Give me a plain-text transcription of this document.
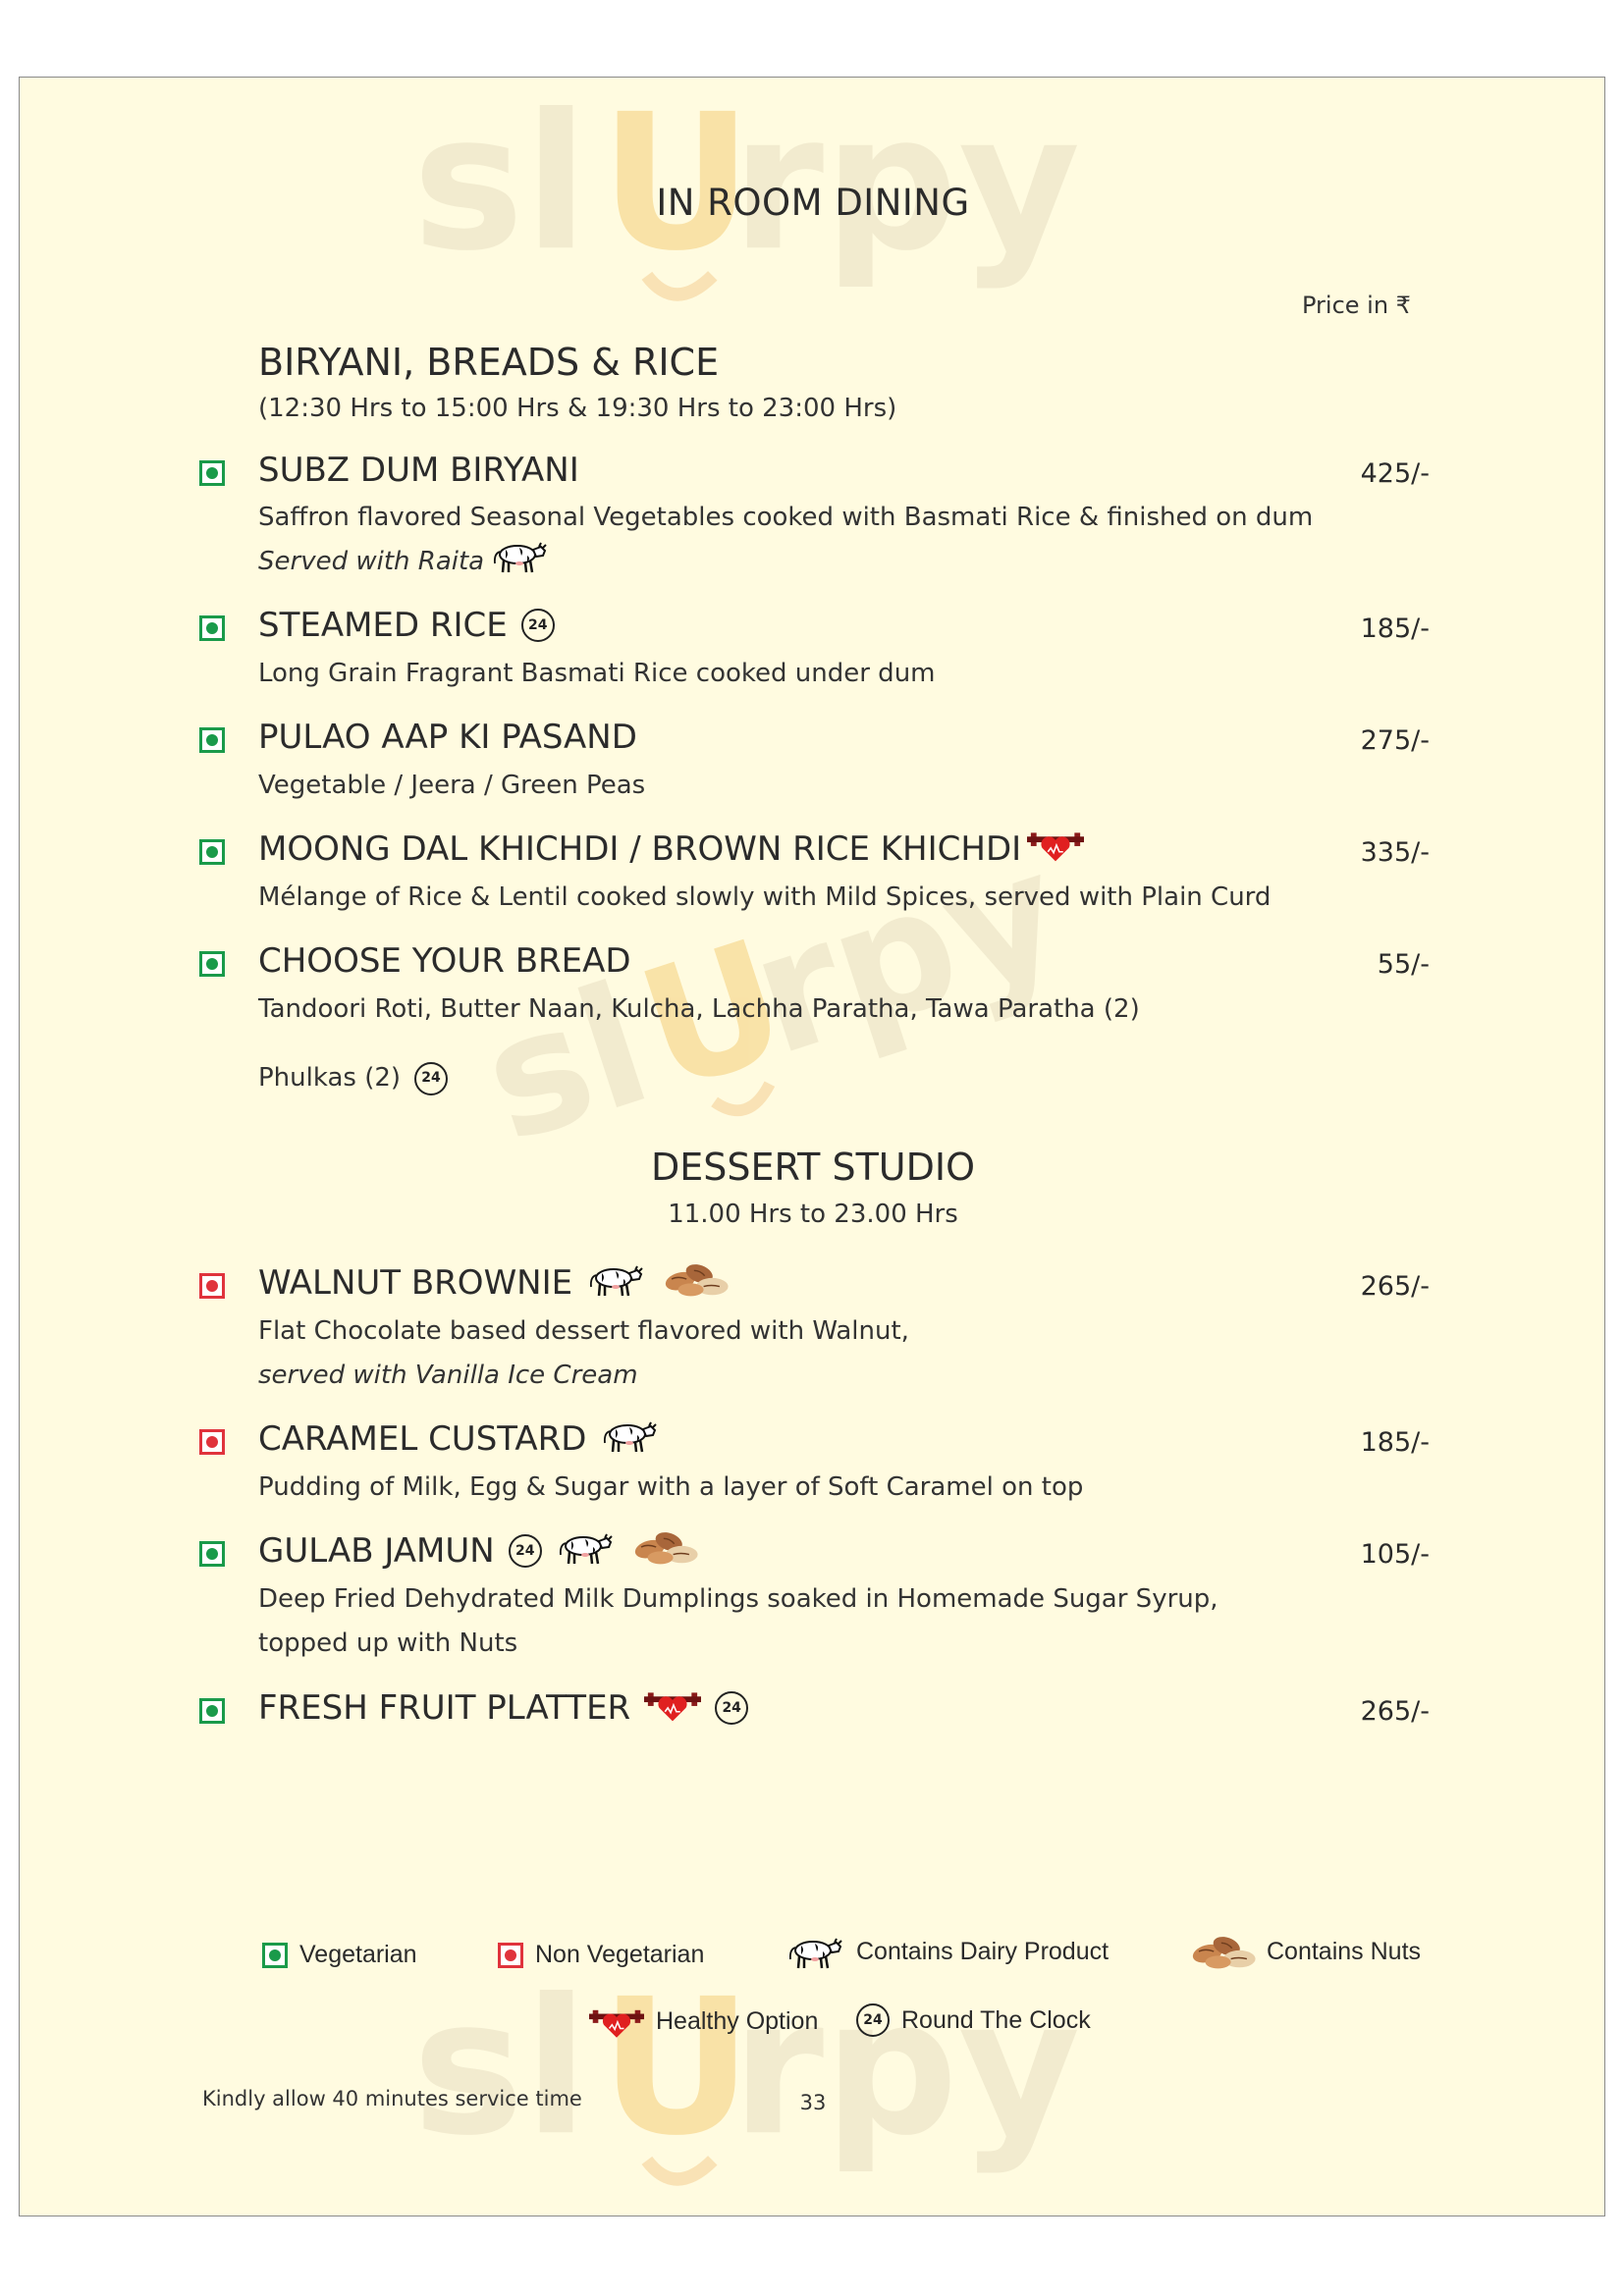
IN ROOM DINING
Price in ₹
BIRYANI, BREADS & RICE
(12:30 Hrs to 15:00 Hrs & 19:30 Hrs to 23:00 Hrs)
SUBZ DUM BIRYANI	425/-
Saffron flavored Seasonal Vegetables cooked with Basmati Rice & finished on dum
Served with Raita
STEAMED RICE	24	185/-
Long Grain Fragrant Basmati Rice cooked under dum
PULAO AAP KI PASAND	275/-
Vegetable / Jeera / Green Peas
MOONG DAL KHICHDI / BROWN RICE KHICHDI	335/-
Mélange of Rice & Lentil cooked slowly with Mild Spices, served with Plain Curd
CHOOSE YOUR BREAD	55/-
Tandoori Roti, Butter Naan, Kulcha, Lachha Paratha, Tawa Paratha (2)
Phulkas (2)	24
DESSERT STUDIO
11.00 Hrs to 23.00 Hrs
WALNUT BROWNIE	265/-
Flat Chocolate based dessert flavored with Walnut,
served with Vanilla Ice Cream
CARAMEL CUSTARD	185/-
Pudding of Milk, Egg & Sugar with a layer of Soft Caramel on top
GULAB JAMUN	24	105/-
Deep Fried Dehydrated Milk Dumplings soaked in Homemade Sugar Syrup,
topped up with Nuts
FRESH FRUIT PLATTER	24	265/-
Vegetarian	Non Vegetarian	Contains Dairy Product	Contains Nuts
Healthy Option	24 Round The Clock
Kindly allow 40 minutes service time	33
